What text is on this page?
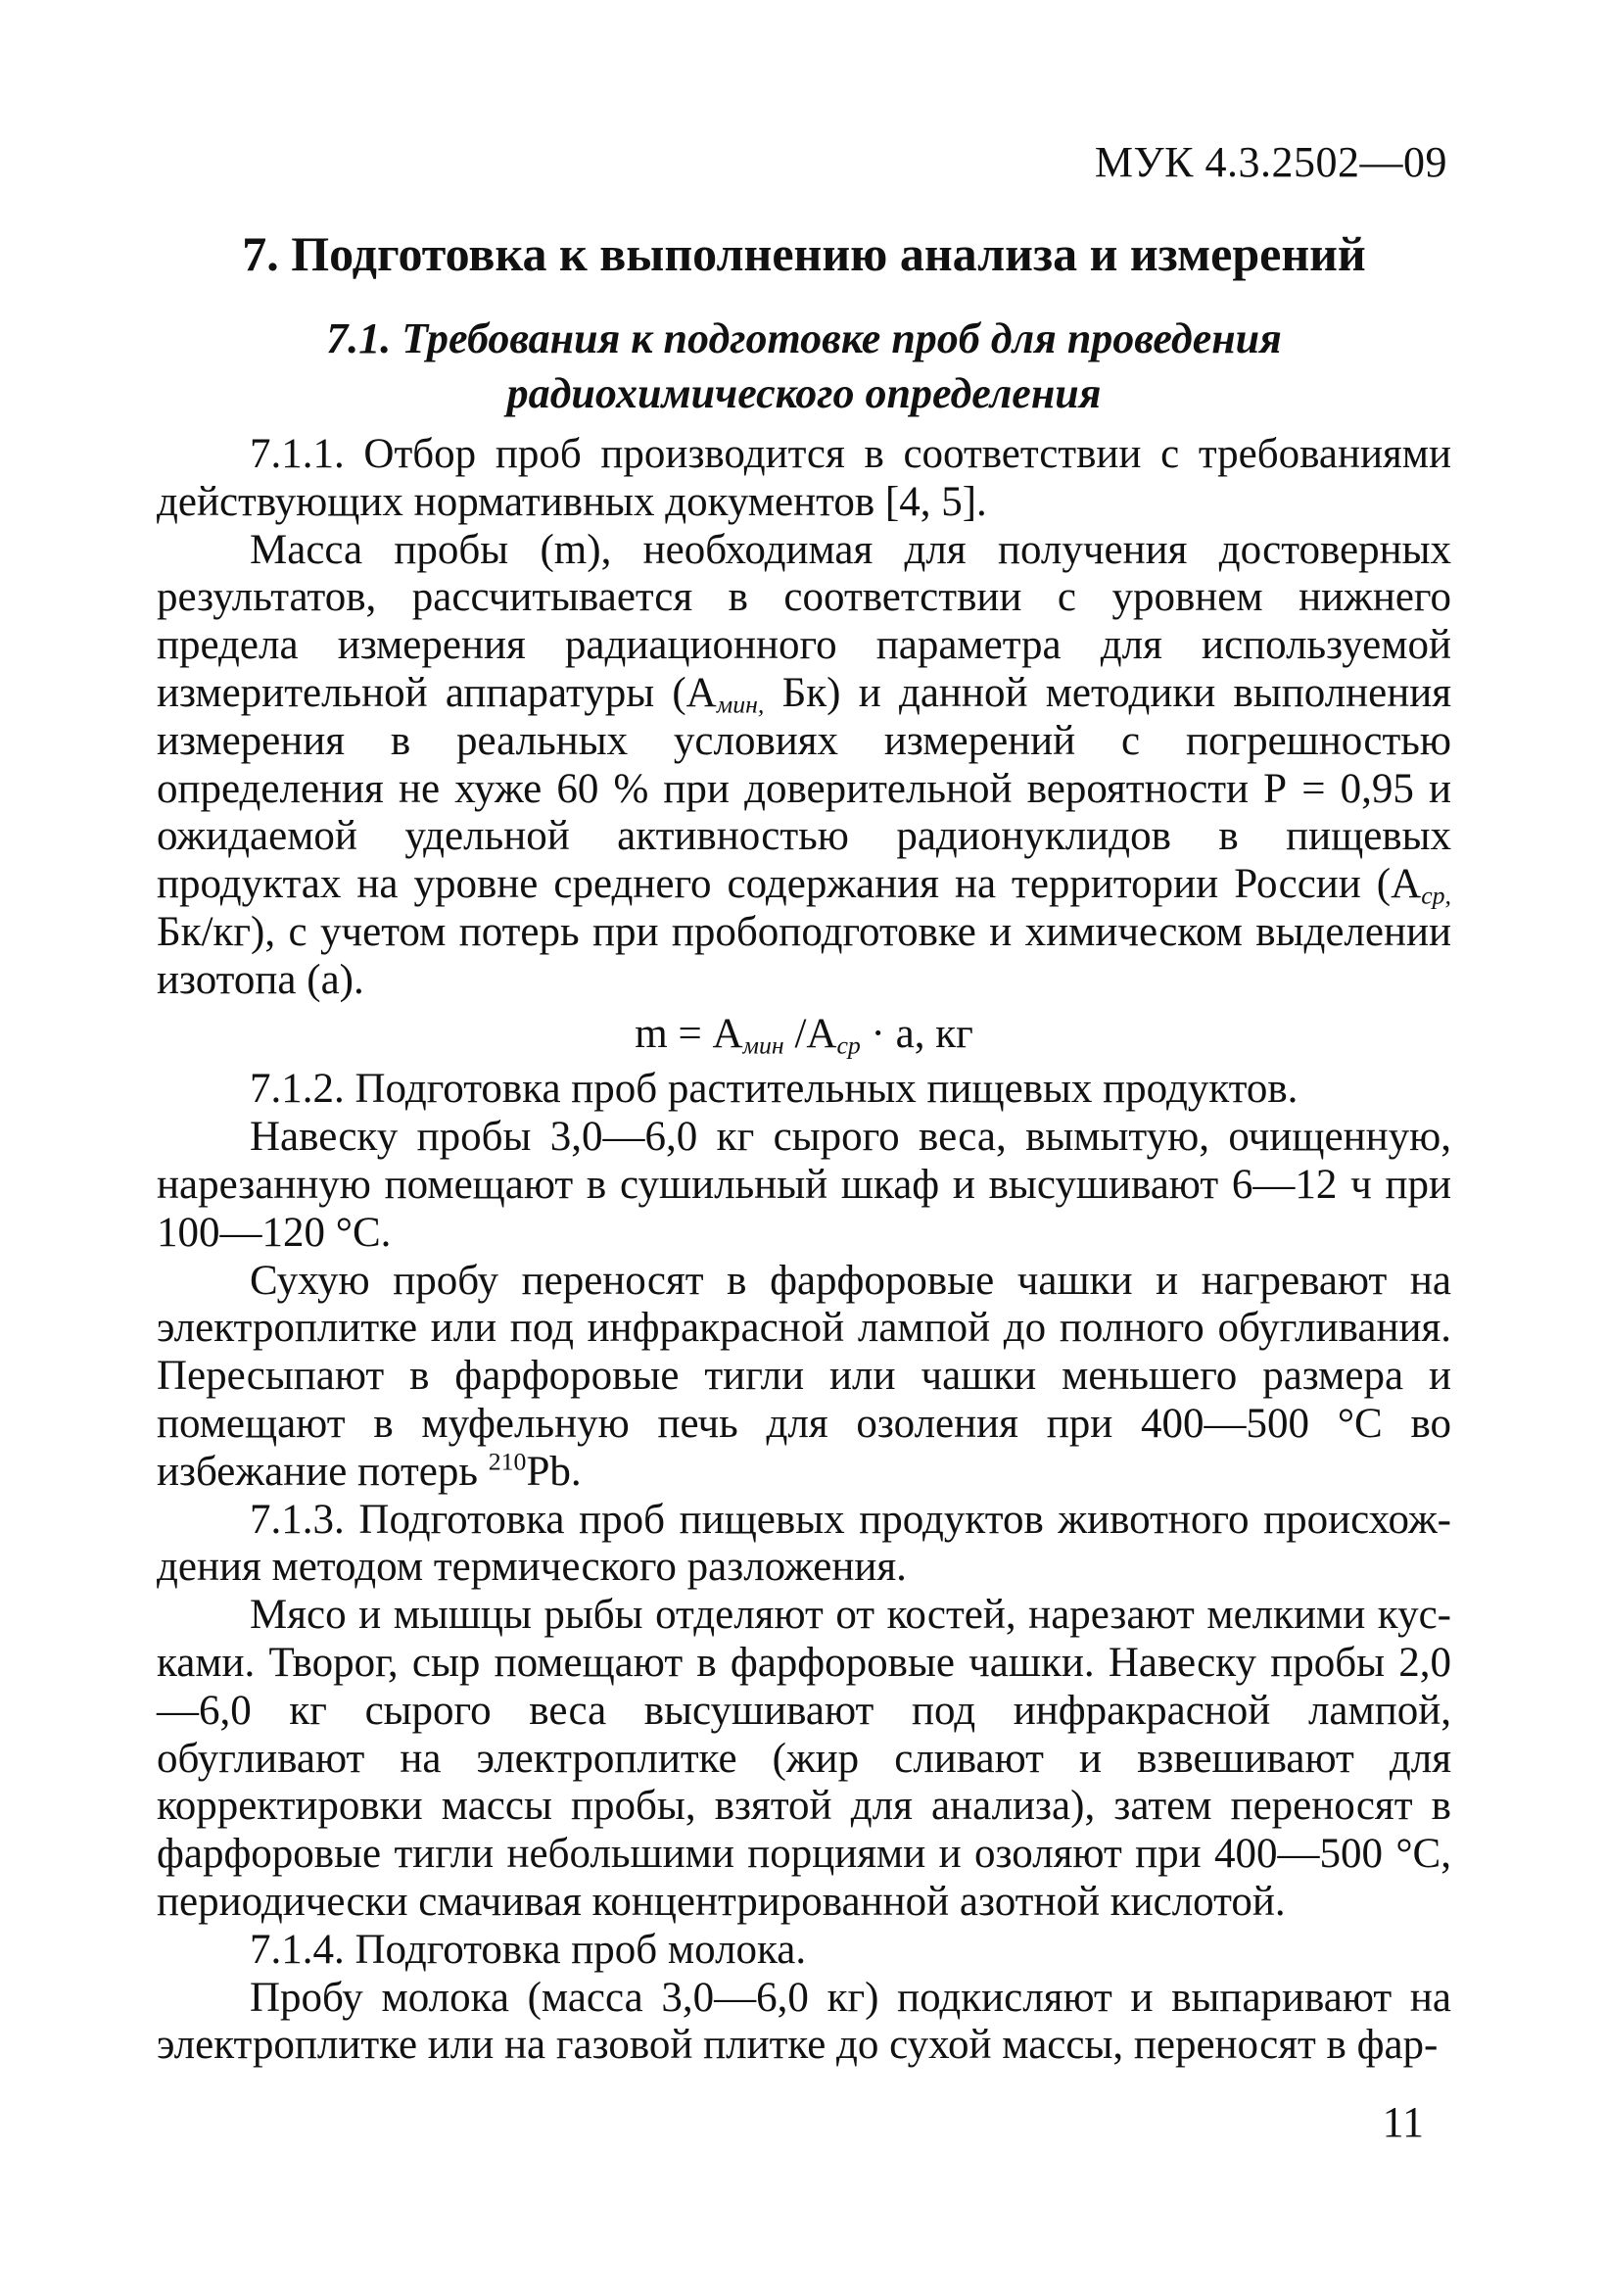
МУК 4.3.2502—09
7. Подготовка к выполнению анализа и измерений
7.1. Требования к подготовке проб для проведения
радиохимического определения

7.1.1. Отбор проб производится в соответствии с требованиями действующих нормативных документов [4, 5].

Масса пробы (m), необходимая для получения достоверных результатов, рассчитывается в соответствии с уровнем нижнего предела измерения радиационного параметра для используемой измерительной аппаратуры ($А_{мин,}$ Бк) и данной методики выполнения измерения в реальных условиях измерений с погрешностью определения не хуже 60 % при доверительной вероятности Р = 0,95 и ожидаемой удельной активностью радионуклидов в пищевых продуктах на уровне среднего содержания на территории России ($А_{ср,}$ Бк/кг), с учетом потерь при пробоподготовке и химическом выделении изотопа (а).

$m = А_{мин}$ $/А_{ср} \cdot а$, кг

7.1.2. Подготовка проб растительных пищевых продуктов.

Навеску пробы 3,0—6,0 кг сырого веса, вымытую, очищенную, нарезанную помещают в сушильный шкаф и высушивают 6—12 ч при 100—120 °С.

Сухую пробу переносят в фарфоровые чашки и нагревают на электроплитке или под инфракрасной лампой до полного обугливания. Пересыпают в фарфоровые тигли или чашки меньшего размера и помещают в муфельную печь для озоления при 400—500 °С во избежание потерь $^{210}$Pb.

7.1.3. Подготовка проб пищевых продуктов животного происхождения методом термического разложения.

Мясо и мышцы рыбы отделяют от костей, нарезают мелкими кусками. Творог, сыр помещают в фарфоровые чашки. Навеску пробы 2,0—6,0 кг сырого веса высушивают под инфракрасной лампой, обугливают на электроплитке (жир сливают и взвешивают для корректировки массы пробы, взятой для анализа), затем переносят в фарфоровые тигли небольшими порциями и озоляют при 400—500 °С, периодически смачивая концентрированной азотной кислотой.

7.1.4. Подготовка проб молока.

Пробу молока (масса 3,0—6,0 кг) подкисляют и выпаривают на электроплитке или на газовой плитке до сухой массы, переносят в фар-

11
